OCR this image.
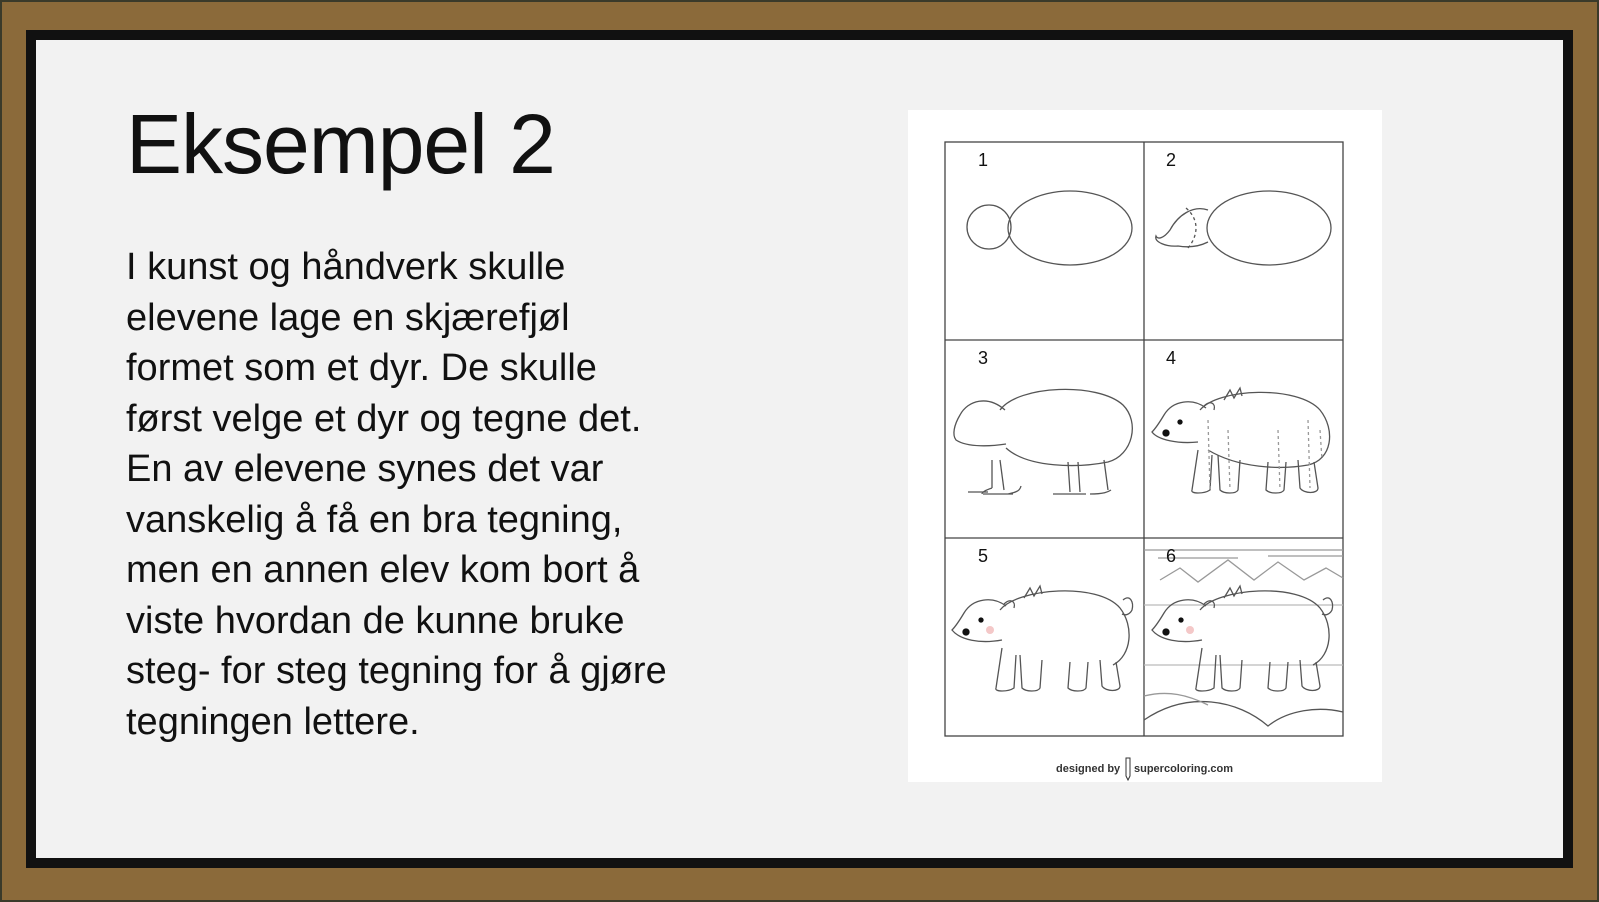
Eksempel 2

I kunst og håndverk skulle
elevene lage en skjærefjøl
formet som et dyr. De skulle
først velge et dyr og tegne det.
En av elevene synes det var
vanskelig å få en bra tegning,
men en annen elev kom bort å
viste hvordan de kunne bruke
steg- for steg tegning for å gjøre
tegningen lettere.

1	2
3	4
5	6
designed by supercoloring.com
